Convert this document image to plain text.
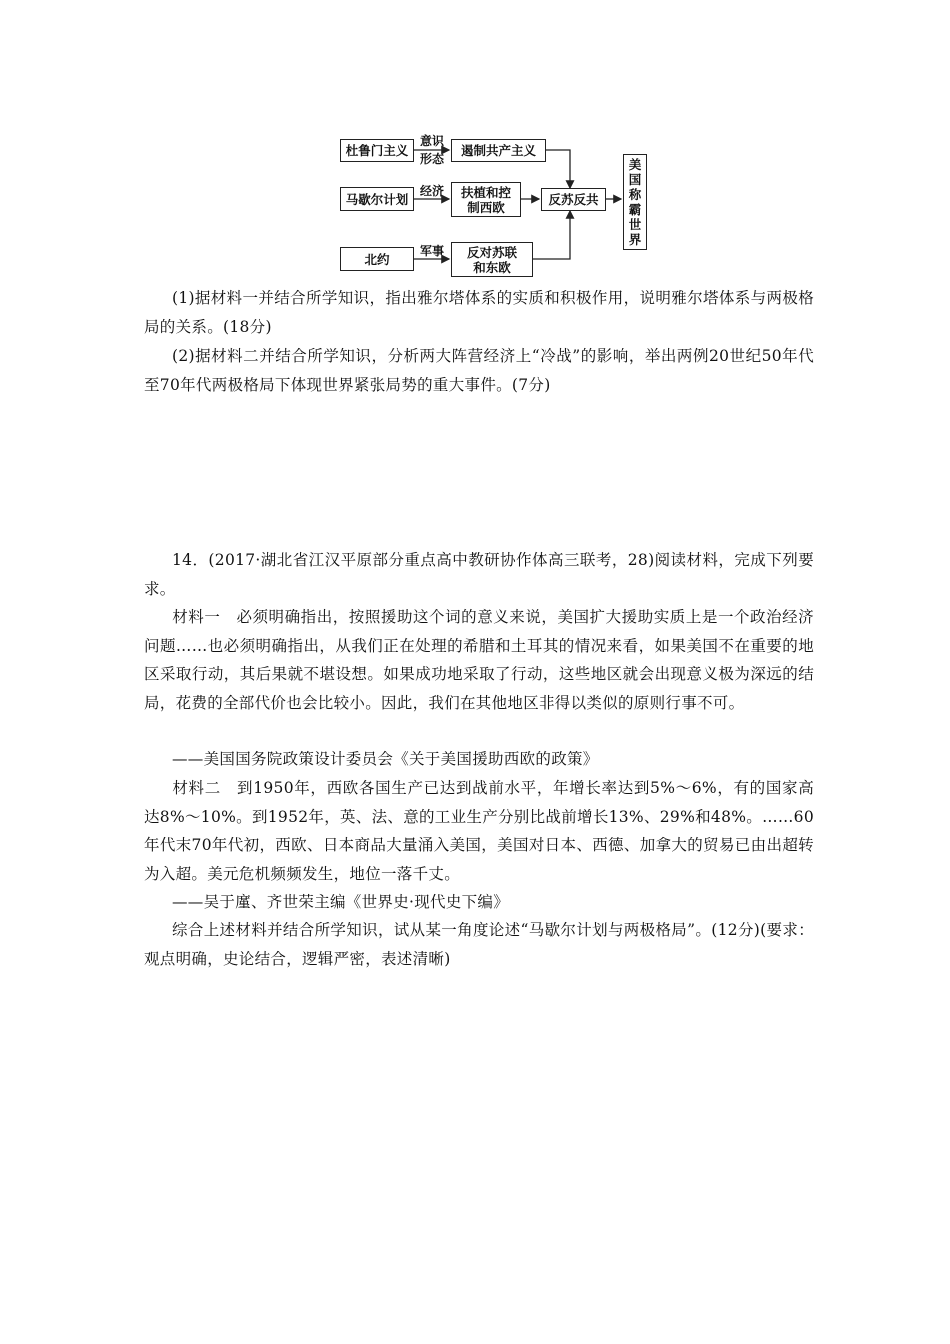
杜鲁门主义
马歇尔计划
北约
遏制共产主义
扶植和控制西欧
反对苏联和东欧
反苏反共
美
国
称
霸
世
界
意识
形态
经济
军事

(1)据材料一并结合所学知识，指出雅尔塔体系的实质和积极作用，说明雅尔塔体系与两极格局的关系。(18分)

(2)据材料二并结合所学知识，分析两大阵营经济上“冷战”的影响，举出两例20世纪50年代至70年代两极格局下体现世界紧张局势的重大事件。(7分)

14．(2017·湖北省江汉平原部分重点高中教研协作体高三联考，28)阅读材料，完成下列要求。

材料一　必须明确指出，按照援助这个词的意义来说，美国扩大援助实质上是一个政治经济问题……也必须明确指出，从我们正在处理的希腊和土耳其的情况来看，如果美国不在重要的地区采取行动，其后果就不堪设想。如果成功地采取了行动，这些地区就会出现意义极为深远的结局，花费的全部代价也会比较小。因此，我们在其他地区非得以类似的原则行事不可。

——美国国务院政策设计委员会《关于美国援助西欧的政策》

材料二　到1950年，西欧各国生产已达到战前水平，年增长率达到5%～6%，有的国家高达8%～10%。到1952年，英、法、意的工业生产分别比战前增长13%、29%和48%。……60年代末70年代初，西欧、日本商品大量涌入美国，美国对日本、西德、加拿大的贸易已由出超转为入超。美元危机频频发生，地位一落千丈。

——吴于廑、齐世荣主编《世界史·现代史下编》

综合上述材料并结合所学知识，试从某一角度论述“马歇尔计划与两极格局”。(12分)(要求：观点明确，史论结合，逻辑严密，表述清晰)
